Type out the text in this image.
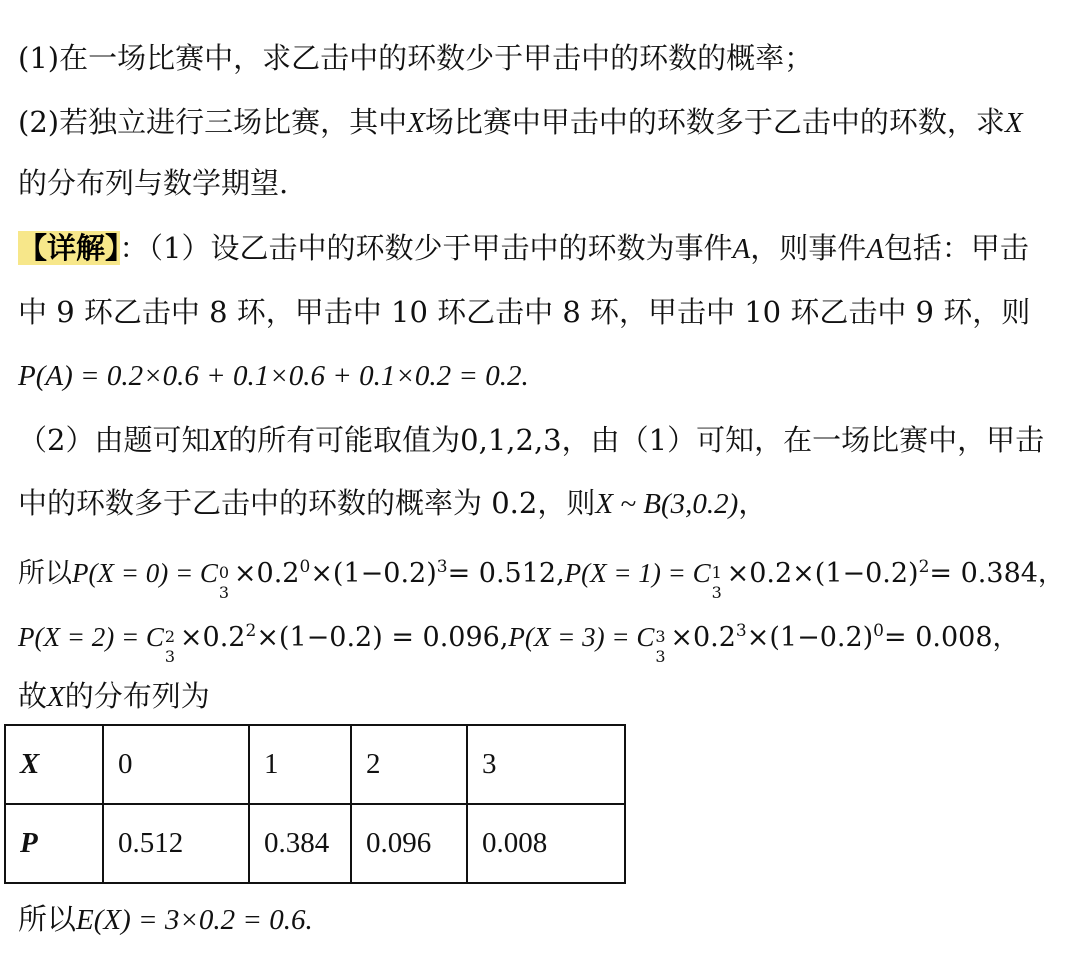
(1)在一场比赛中，求乙击中的环数少于甲击中的环数的概率；
(2)若独立进行三场比赛，其中X场比赛中甲击中的环数多于乙击中的环数，求X
的分布列与数学期望.
【详解】：（1）设乙击中的环数少于甲击中的环数为事件A，则事件A包括：甲击
中 9 环乙击中 8 环，甲击中 10 环乙击中 8 环，甲击中 10 环乙击中 9 环，则
P(A) = 0.2×0.6 + 0.1×0.6 + 0.1×0.2 = 0.2.
（2）由题可知X的所有可能取值为0,1,2,3，由（1）可知，在一场比赛中，甲击
中的环数多于乙击中的环数的概率为 0.2，则X ~ B(3,0.2)，
所以P(X = 0) = C 0
3
$\times 0.2^0\times(1-0.2)^3= 0.512,P(X = 1) = C$ 1
3
$\times 0.2\times(1-0.2)^2= 0.384$，
P(X = 2) = C 2
3
$\times 0.2^2\times(1-0.2) = 0.096,P(X = 3) = C$ 3
3
$\times 0.2^3\times(1-0.2)^0= 0.008$，
故X的分布列为
X	0	1	2	3
P	0.512	0.384	0.096	0.008
所以E(X) = 3×0.2 = 0.6.
